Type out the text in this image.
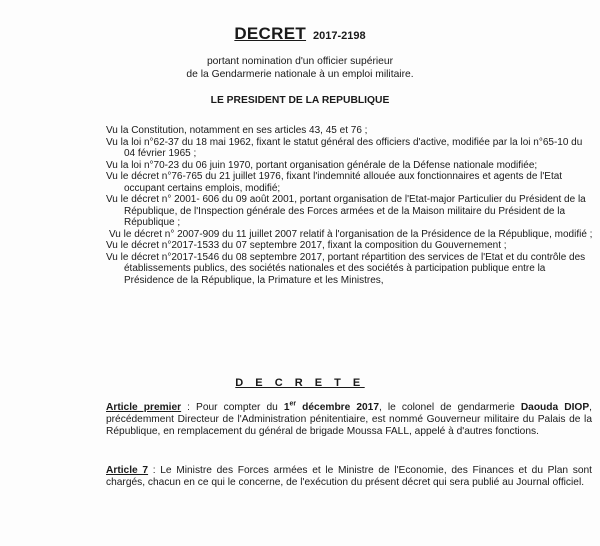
DECRET 2017-2198
portant nomination d'un officier supérieur
de la Gendarmerie nationale à un emploi militaire.
LE PRESIDENT DE LA REPUBLIQUE

Vu la Constitution, notamment en ses articles 43, 45 et 76 ;

Vu la loi n°62-37 du 18 mai 1962, fixant le statut général des officiers d'active, modifiée par la loi n°65-10 du 04 février 1965 ;

Vu la loi n°70-23 du 06 juin 1970, portant organisation générale de la Défense nationale modifiée;

Vu le décret n°76-765 du 21 juillet 1976, fixant l'indemnité allouée aux fonctionnaires et agents de l'Etat occupant certains emplois, modifié;

Vu le décret n° 2001- 606 du 09 août 2001, portant organisation de l'Etat-major Particulier du Président de la République, de l'Inspection générale des Forces armées et de la Maison militaire du Président de la République ;

Vu le décret n° 2007-909 du 11 juillet 2007 relatif à l'organisation de la Présidence de la République, modifié ;

Vu le décret n°2017-1533 du 07 septembre 2017, fixant la composition du Gouvernement ;

Vu le décret n°2017-1546 du 08 septembre 2017, portant répartition des services de l'Etat et du contrôle des établissements publics, des sociétés nationales et des sociétés à participation publique entre la Présidence de la République, la Primature et les Ministres,

D E C R E T E
Article premier : Pour compter du 1er décembre 2017, le colonel de gendarmerie Daouda DIOP, précédemment Directeur de l'Administration pénitentiaire, est nommé Gouverneur militaire du Palais de la République, en remplacement du général de brigade Moussa FALL, appelé à d'autres fonctions.
Article 7 : Le Ministre des Forces armées et le Ministre de l'Economie, des Finances et du Plan sont chargés, chacun en ce qui le concerne, de l'exécution du présent décret qui sera publié au Journal officiel.
